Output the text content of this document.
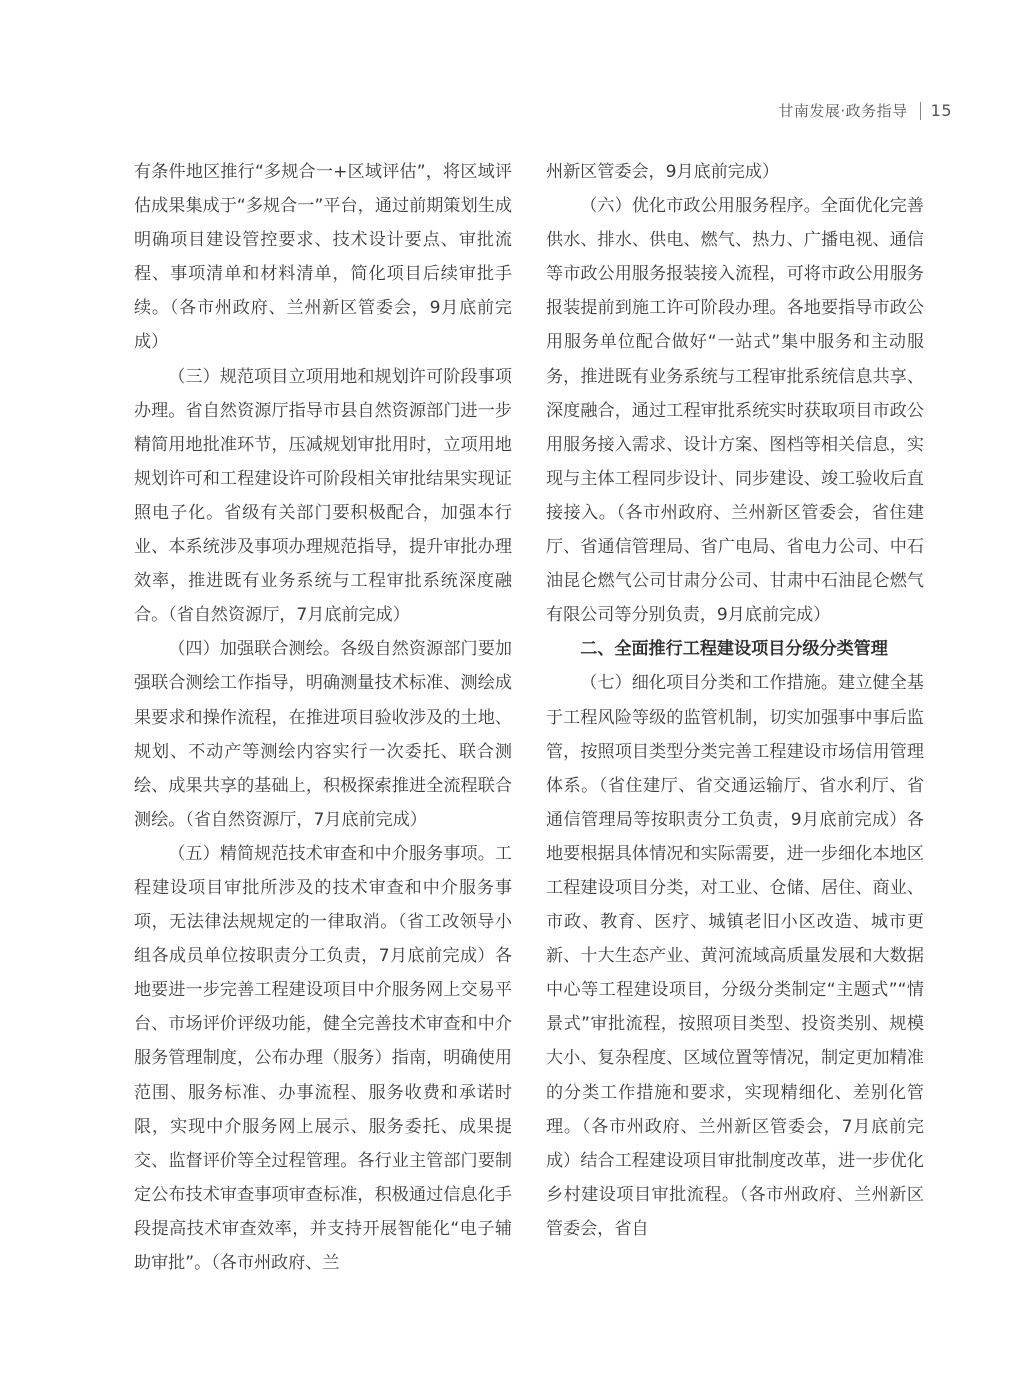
甘南发展·政务指导 15

有条件地区推行“多规合一+区域评估”，将区域评估成果集成于“多规合一”平台，通过前期策划生成明确项目建设管控要求、技术设计要点、审批流程、事项清单和材料清单，简化项目后续审批手续。（各市州政府、兰州新区管委会，9月底前完成）

（三）规范项目立项用地和规划许可阶段事项办理。省自然资源厅指导市县自然资源部门进一步精简用地批准环节，压减规划审批用时，立项用地规划许可和工程建设许可阶段相关审批结果实现证照电子化。省级有关部门要积极配合，加强本行业、本系统涉及事项办理规范指导，提升审批办理效率，推进既有业务系统与工程审批系统深度融合。（省自然资源厅，7月底前完成）

（四）加强联合测绘。各级自然资源部门要加强联合测绘工作指导，明确测量技术标准、测绘成果要求和操作流程，在推进项目验收涉及的土地、规划、不动产等测绘内容实行一次委托、联合测绘、成果共享的基础上，积极探索推进全流程联合测绘。（省自然资源厅，7月底前完成）

（五）精简规范技术审查和中介服务事项。工程建设项目审批所涉及的技术审查和中介服务事项，无法律法规规定的一律取消。（省工改领导小组各成员单位按职责分工负责，7月底前完成）各地要进一步完善工程建设项目中介服务网上交易平台、市场评价评级功能，健全完善技术审查和中介服务管理制度，公布办理（服务）指南，明确使用范围、服务标准、办事流程、服务收费和承诺时限，实现中介服务网上展示、服务委托、成果提交、监督评价等全过程管理。各行业主管部门要制定公布技术审查事项审查标准，积极通过信息化手段提高技术审查效率，并支持开展智能化“电子辅助审批”。（各市州政府、兰

州新区管委会，9月底前完成）

（六）优化市政公用服务程序。全面优化完善供水、排水、供电、燃气、热力、广播电视、通信等市政公用服务报装接入流程，可将市政公用服务报装提前到施工许可阶段办理。各地要指导市政公用服务单位配合做好“一站式”集中服务和主动服务，推进既有业务系统与工程审批系统信息共享、深度融合，通过工程审批系统实时获取项目市政公用服务接入需求、设计方案、图档等相关信息，实现与主体工程同步设计、同步建设、竣工验收后直接接入。（各市州政府、兰州新区管委会，省住建厅、省通信管理局、省广电局、省电力公司、中石油昆仑燃气公司甘肃分公司、甘肃中石油昆仑燃气有限公司等分别负责，9月底前完成）

二、全面推行工程建设项目分级分类管理

（七）细化项目分类和工作措施。建立健全基于工程风险等级的监管机制，切实加强事中事后监管，按照项目类型分类完善工程建设市场信用管理体系。（省住建厅、省交通运输厅、省水利厅、省通信管理局等按职责分工负责，9月底前完成）各地要根据具体情况和实际需要，进一步细化本地区工程建设项目分类，对工业、仓储、居住、商业、市政、教育、医疗、城镇老旧小区改造、城市更新、十大生态产业、黄河流域高质量发展和大数据中心等工程建设项目，分级分类制定“主题式”“情景式”审批流程，按照项目类型、投资类别、规模大小、复杂程度、区域位置等情况，制定更加精准的分类工作措施和要求，实现精细化、差别化管理。（各市州政府、兰州新区管委会，7月底前完成）结合工程建设项目审批制度改革，进一步优化乡村建设项目审批流程。（各市州政府、兰州新区管委会，省自
